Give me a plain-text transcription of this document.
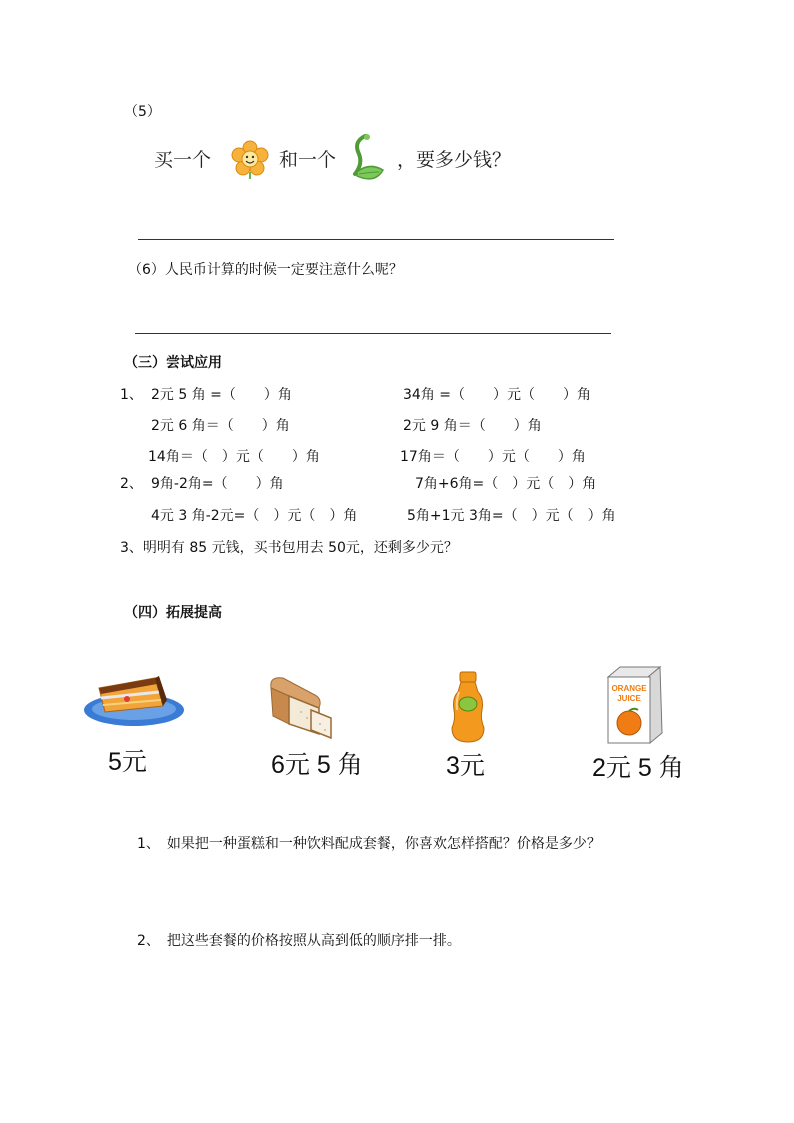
（5）
买一个	和一个	，要多少钱？
（6）人民币计算的时候一定要注意什么呢？
（三）尝试应用
1、 2元 5 角 =（　　）角	34角 =（　　）元（　　）角
2元 6 角＝（　　）角	2元 9 角＝（　　）角
14角＝（　）元（　　）角	17角＝（　　）元（　　）角
2、 9角-2角=（　　）角	7角+6角=（　）元（　）角
4元 3 角-2元=（　）元（　）角	5角+1元 3角=（　）元（　）角
3、明明有 85 元钱，买书包用去 50元，还剩多少元？
（四）拓展提高
5元	6元 5 角	3元
ORANGE
JUICE
2元 5 角
1、　如果把一种蛋糕和一种饮料配成套餐，你喜欢怎样搭配？价格是多少？
2、　把这些套餐的价格按照从高到低的顺序排一排。
